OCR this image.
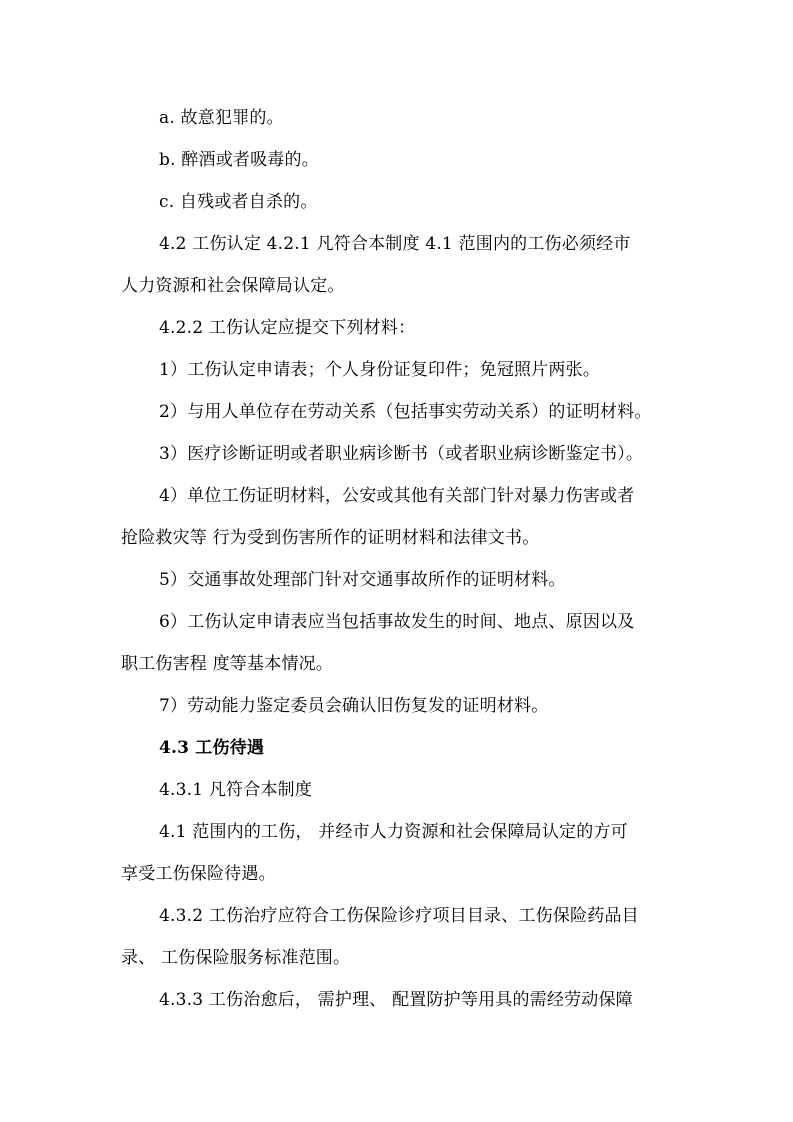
a. 故意犯罪的。

b. 醉酒或者吸毒的。

c. 自残或者自杀的。

4.2 工伤认定 4.2.1 凡符合本制度 4.1 范围内的工伤必须经市

人力资源和社会保障局认定。

4.2.2 工伤认定应提交下列材料：

1）工伤认定申请表；个人身份证复印件；免冠照片两张。

2）与用人单位存在劳动关系（包括事实劳动关系）的证明材料。

3）医疗诊断证明或者职业病诊断书（或者职业病诊断鉴定书）。

4）单位工伤证明材料，公安或其他有关部门针对暴力伤害或者

抢险救灾等 行为受到伤害所作的证明材料和法律文书。

5）交通事故处理部门针对交通事故所作的证明材料。

6）工伤认定申请表应当包括事故发生的时间、地点、原因以及

职工伤害程 度等基本情况。

7）劳动能力鉴定委员会确认旧伤复发的证明材料。

4.3 工伤待遇

4.3.1 凡符合本制度

4.1 范围内的工伤， 并经市人力资源和社会保障局认定的方可

享受工伤保险待遇。

4.3.2 工伤治疗应符合工伤保险诊疗项目目录、工伤保险药品目

录、 工伤保险服务标准范围。

4.3.3 工伤治愈后， 需护理、 配置防护等用具的需经劳动保障
